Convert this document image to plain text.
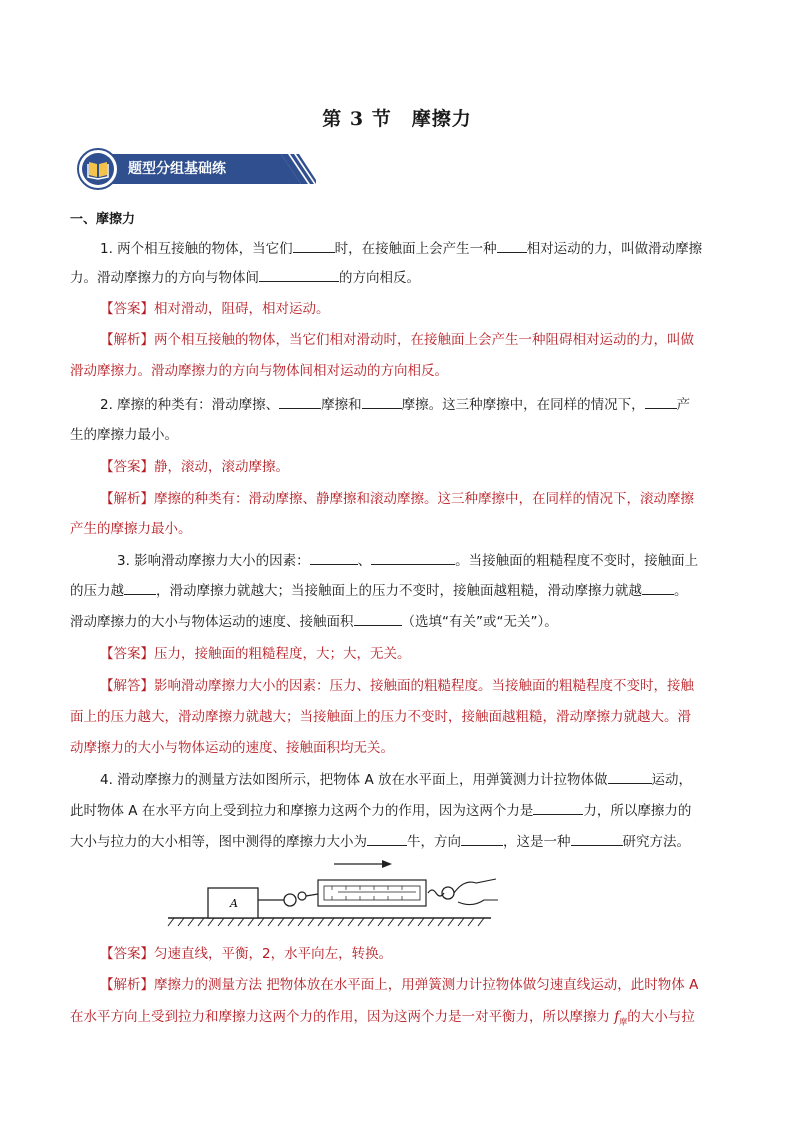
第 3 节　摩擦力
题型分组基础练
一、摩擦力
1. 两个相互接触的物体，当它们	时，在接触面上会产生一种 相对运动的力，叫做滑动摩擦
力。滑动摩擦力的方向与物体间	的方向相反。
【答案】相对滑动，阻碍，相对运动。
【解析】两个相互接触的物体，当它们相对滑动时，在接触面上会产生一种阻碍相对运动的力，叫做
滑动摩擦力。滑动摩擦力的方向与物体间相对运动的方向相反。
2. 摩擦的种类有：滑动摩擦、	摩擦和	摩擦。这三种摩擦中，在同样的情况下， 产
生的摩擦力最小。
【答案】静，滚动，滚动摩擦。
【解析】摩擦的种类有：滑动摩擦、静摩擦和滚动摩擦。这三种摩擦中，在同样的情况下，滚动摩擦
产生的摩擦力最小。
3. 影响滑动摩擦力大小的因素：	、	。当接触面的粗糙程度不变时，接触面上
的压力越 ，滑动摩擦力就越大；当接触面上的压力不变时，接触面越粗糙，滑动摩擦力就越 。
滑动摩擦力的大小与物体运动的速度、接触面积	（选填“有关”或“无关”）。
【答案】压力，接触面的粗糙程度，大；大，无关。
【解答】影响滑动摩擦力大小的因素：压力、接触面的粗糙程度。当接触面的粗糙程度不变时，接触
面上的压力越大，滑动摩擦力就越大；当接触面上的压力不变时，接触面越粗糙，滑动摩擦力就越大。滑
动摩擦力的大小与物体运动的速度、接触面积均无关。
4. 滑动摩擦力的测量方法如图所示，把物体 A 放在水平面上，用弹簧测力计拉物体做	运动，
此时物体 A 在水平方向上受到拉力和摩擦力这两个力的作用，因为这两个力是	力，所以摩擦力的
大小与拉力的大小相等，图中测得的摩擦力大小为	牛，方向	，这是一种	研究方法。
A
【答案】匀速直线，平衡，2，水平向左，转换。
【解析】摩擦力的测量方法 把物体放在水平面上，用弹簧测力计拉物体做匀速直线运动，此时物体 A
在水平方向上受到拉力和摩擦力这两个力的作用，因为这两个力是一对平衡力，所以摩擦力 $f_摩$的大小与拉
